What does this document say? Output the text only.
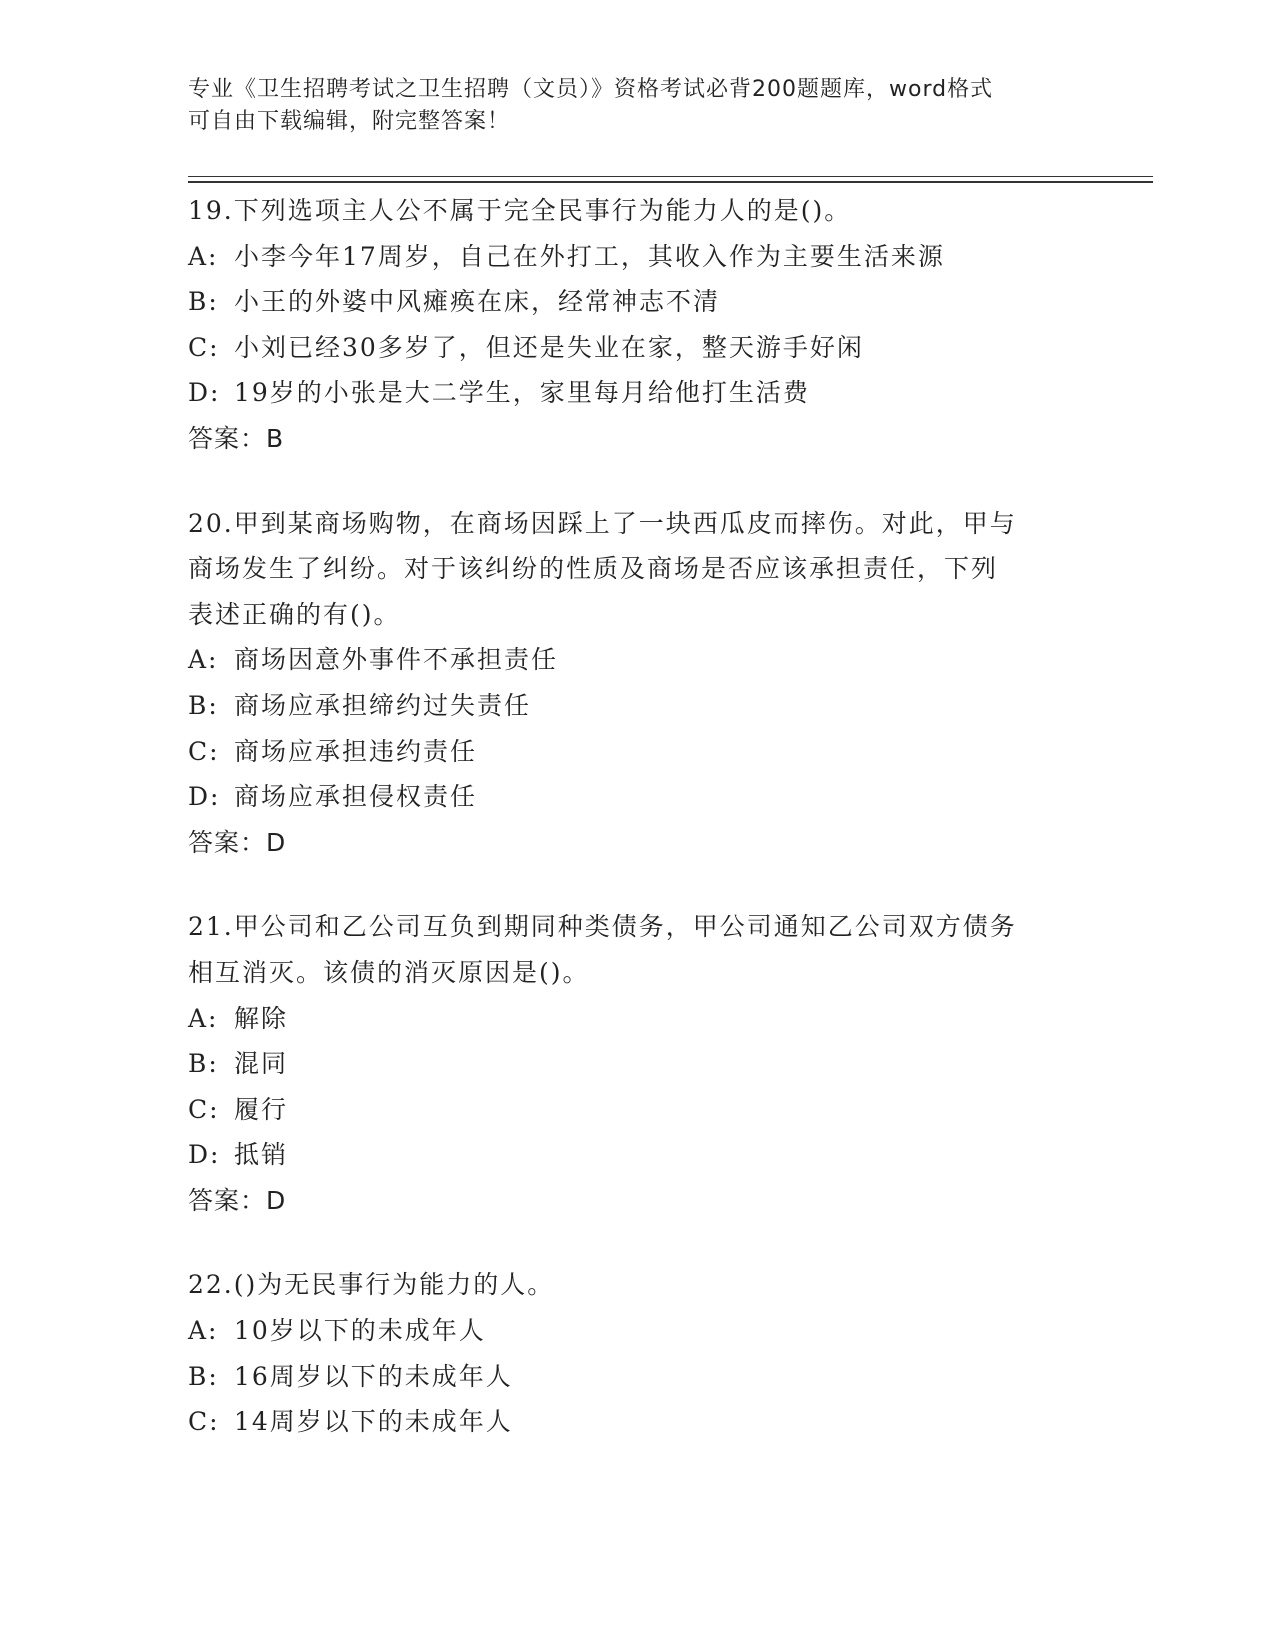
专业《卫生招聘考试之卫生招聘（文员）》资格考试必背200题题库，word格式
可自由下载编辑，附完整答案！
19.下列选项主人公不属于完全民事行为能力人的是()。
A: 小李今年17周岁，自己在外打工，其收入作为主要生活来源
B: 小王的外婆中风瘫痪在床，经常神志不清
C: 小刘已经30多岁了，但还是失业在家，整天游手好闲
D: 19岁的小张是大二学生，家里每月给他打生活费
答案：B
20.甲到某商场购物，在商场因踩上了一块西瓜皮而摔伤。对此，甲与
商场发生了纠纷。对于该纠纷的性质及商场是否应该承担责任，下列
表述正确的有()。
A: 商场因意外事件不承担责任
B: 商场应承担缔约过失责任
C: 商场应承担违约责任
D: 商场应承担侵权责任
答案：D
21.甲公司和乙公司互负到期同种类债务，甲公司通知乙公司双方债务
相互消灭。该债的消灭原因是()。
A: 解除
B: 混同
C: 履行
D: 抵销
答案：D
22.()为无民事行为能力的人。
A: 10岁以下的未成年人
B: 16周岁以下的未成年人
C: 14周岁以下的未成年人
